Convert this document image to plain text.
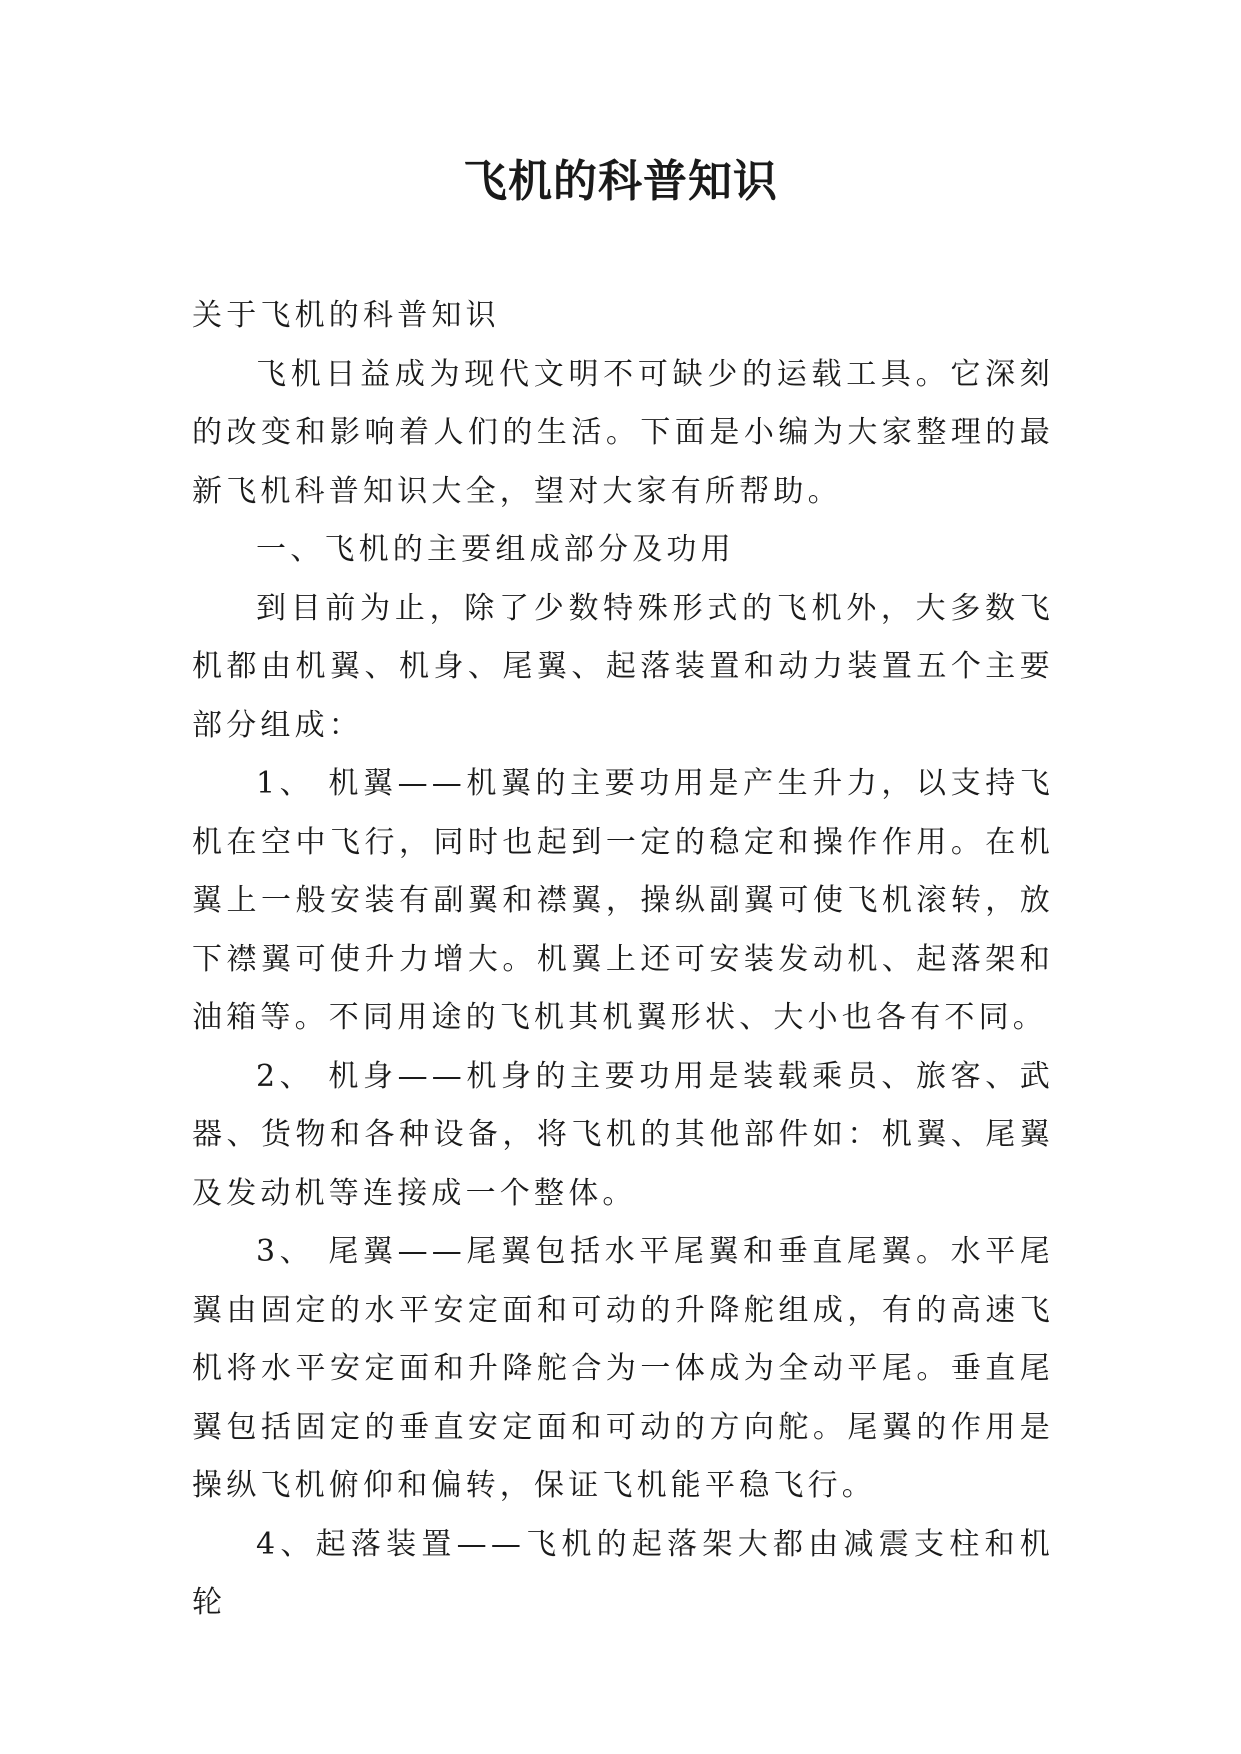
飞机的科普知识

关于飞机的科普知识

飞机日益成为现代文明不可缺少的运载工具。它深刻的改变和影响着人们的生活。下面是小编为大家整理的最新飞机科普知识大全，望对大家有所帮助。

一、飞机的主要组成部分及功用

到目前为止，除了少数特殊形式的飞机外，大多数飞机都由机翼、机身、尾翼、起落装置和动力装置五个主要部分组成：

1、 机翼——机翼的主要功用是产生升力，以支持飞机在空中飞行，同时也起到一定的稳定和操作作用。在机翼上一般安装有副翼和襟翼，操纵副翼可使飞机滚转，放下襟翼可使升力增大。机翼上还可安装发动机、起落架和油箱等。不同用途的飞机其机翼形状、大小也各有不同。

2、 机身——机身的主要功用是装载乘员、旅客、武器、货物和各种设备，将飞机的其他部件如：机翼、尾翼及发动机等连接成一个整体。

3、 尾翼——尾翼包括水平尾翼和垂直尾翼。水平尾翼由固定的水平安定面和可动的升降舵组成，有的高速飞机将水平安定面和升降舵合为一体成为全动平尾。垂直尾翼包括固定的垂直安定面和可动的方向舵。尾翼的作用是操纵飞机俯仰和偏转，保证飞机能平稳飞行。

4、起落装置——飞机的起落架大都由减震支柱和机轮
